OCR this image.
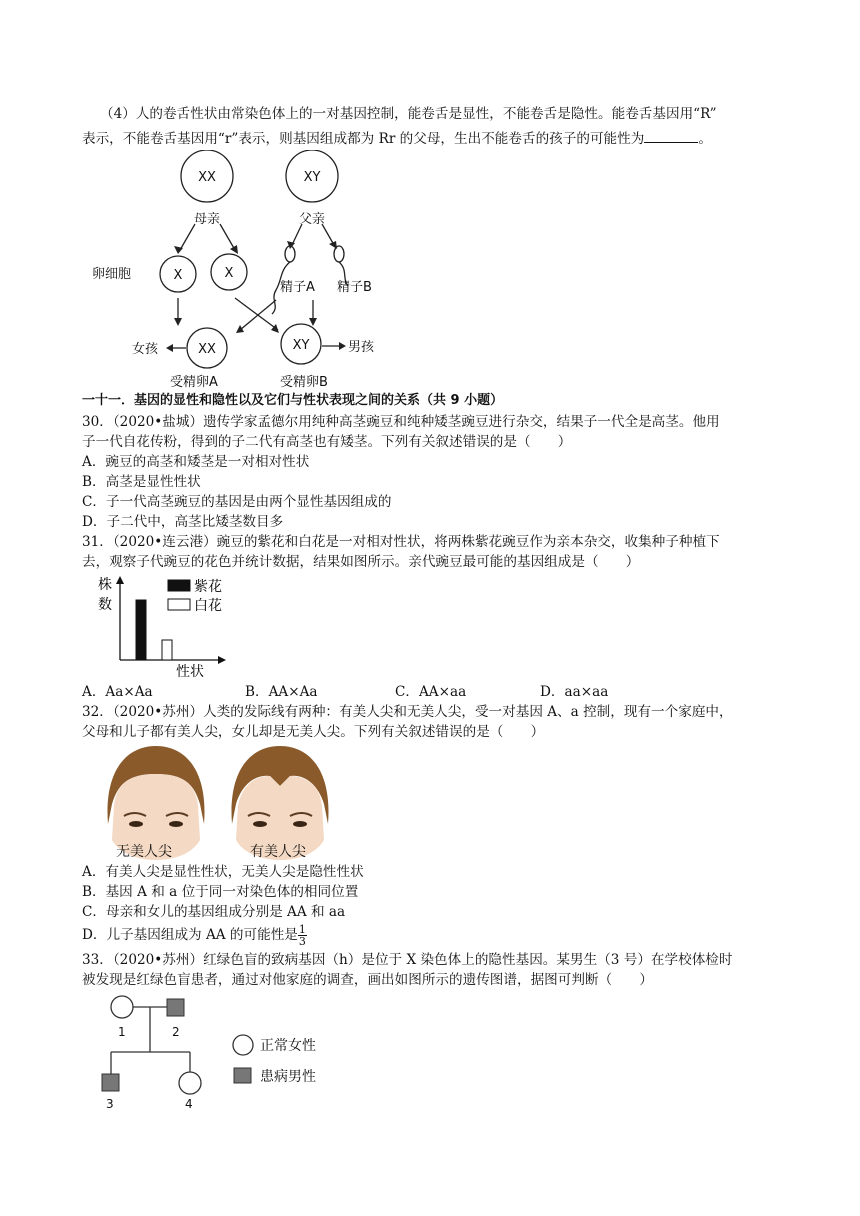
（4）人的卷舌性状由常染色体上的一对基因控制，能卷舌是显性，不能卷舌是隐性。能卷舌基因用“R”
表示，不能卷舌基因用“r”表示，则基因组成都为 Rr 的父母，生出不能卷舌的孩子的可能性为	。
XX	XY
母亲	父亲
卵细胞	X	X
精子A 精子B
XX	XY
女孩	男孩
受精卵A	受精卵B
一十一．基因的显性和隐性以及它们与性状表现之间的关系（共 9 小题）
30．（2020•盐城）遗传学家孟德尔用纯种高茎豌豆和纯种矮茎豌豆进行杂交，结果子一代全是高茎。他用
子一代自花传粉，得到的子二代有高茎也有矮茎。下列有关叙述错误的是（　　）
A．豌豆的高茎和矮茎是一对相对性状
B．高茎是显性性状
C．子一代高茎豌豆的基因是由两个显性基因组成的
D．子二代中，高茎比矮茎数目多
31．（2020•连云港）豌豆的紫花和白花是一对相对性状，将两株紫花豌豆作为亲本杂交，收集种子种植下
去，观察子代豌豆的花色并统计数据，结果如图所示。亲代豌豆最可能的基因组成是（　　）
株
数
性状
紫花
白花
A．Aa×Aa	B．AA×Aa	C．AA×aa	D．aa×aa
32．（2020•苏州）人类的发际线有两种：有美人尖和无美人尖，受一对基因 A、a 控制，现有一个家庭中，
父母和儿子都有美人尖，女儿却是无美人尖。下列有关叙述错误的是（　　）
无美人尖	有美人尖
A．有美人尖是显性性状，无美人尖是隐性性状
B．基因 A 和 a 位于同一对染色体的相同位置
C．母亲和女儿的基因组成分别是 AA 和 aa
D．儿子基因组成为 AA 的可能性是 $\frac{1}{3}$
33．（2020•苏州）红绿色盲的致病基因（h）是位于 X 染色体上的隐性基因。某男生（3 号）在学校体检时
被发现是红绿色盲患者，通过对他家庭的调查，画出如图所示的遗传图谱，据图可判断（　　）
1	2
3	4
正常女性
患病男性
